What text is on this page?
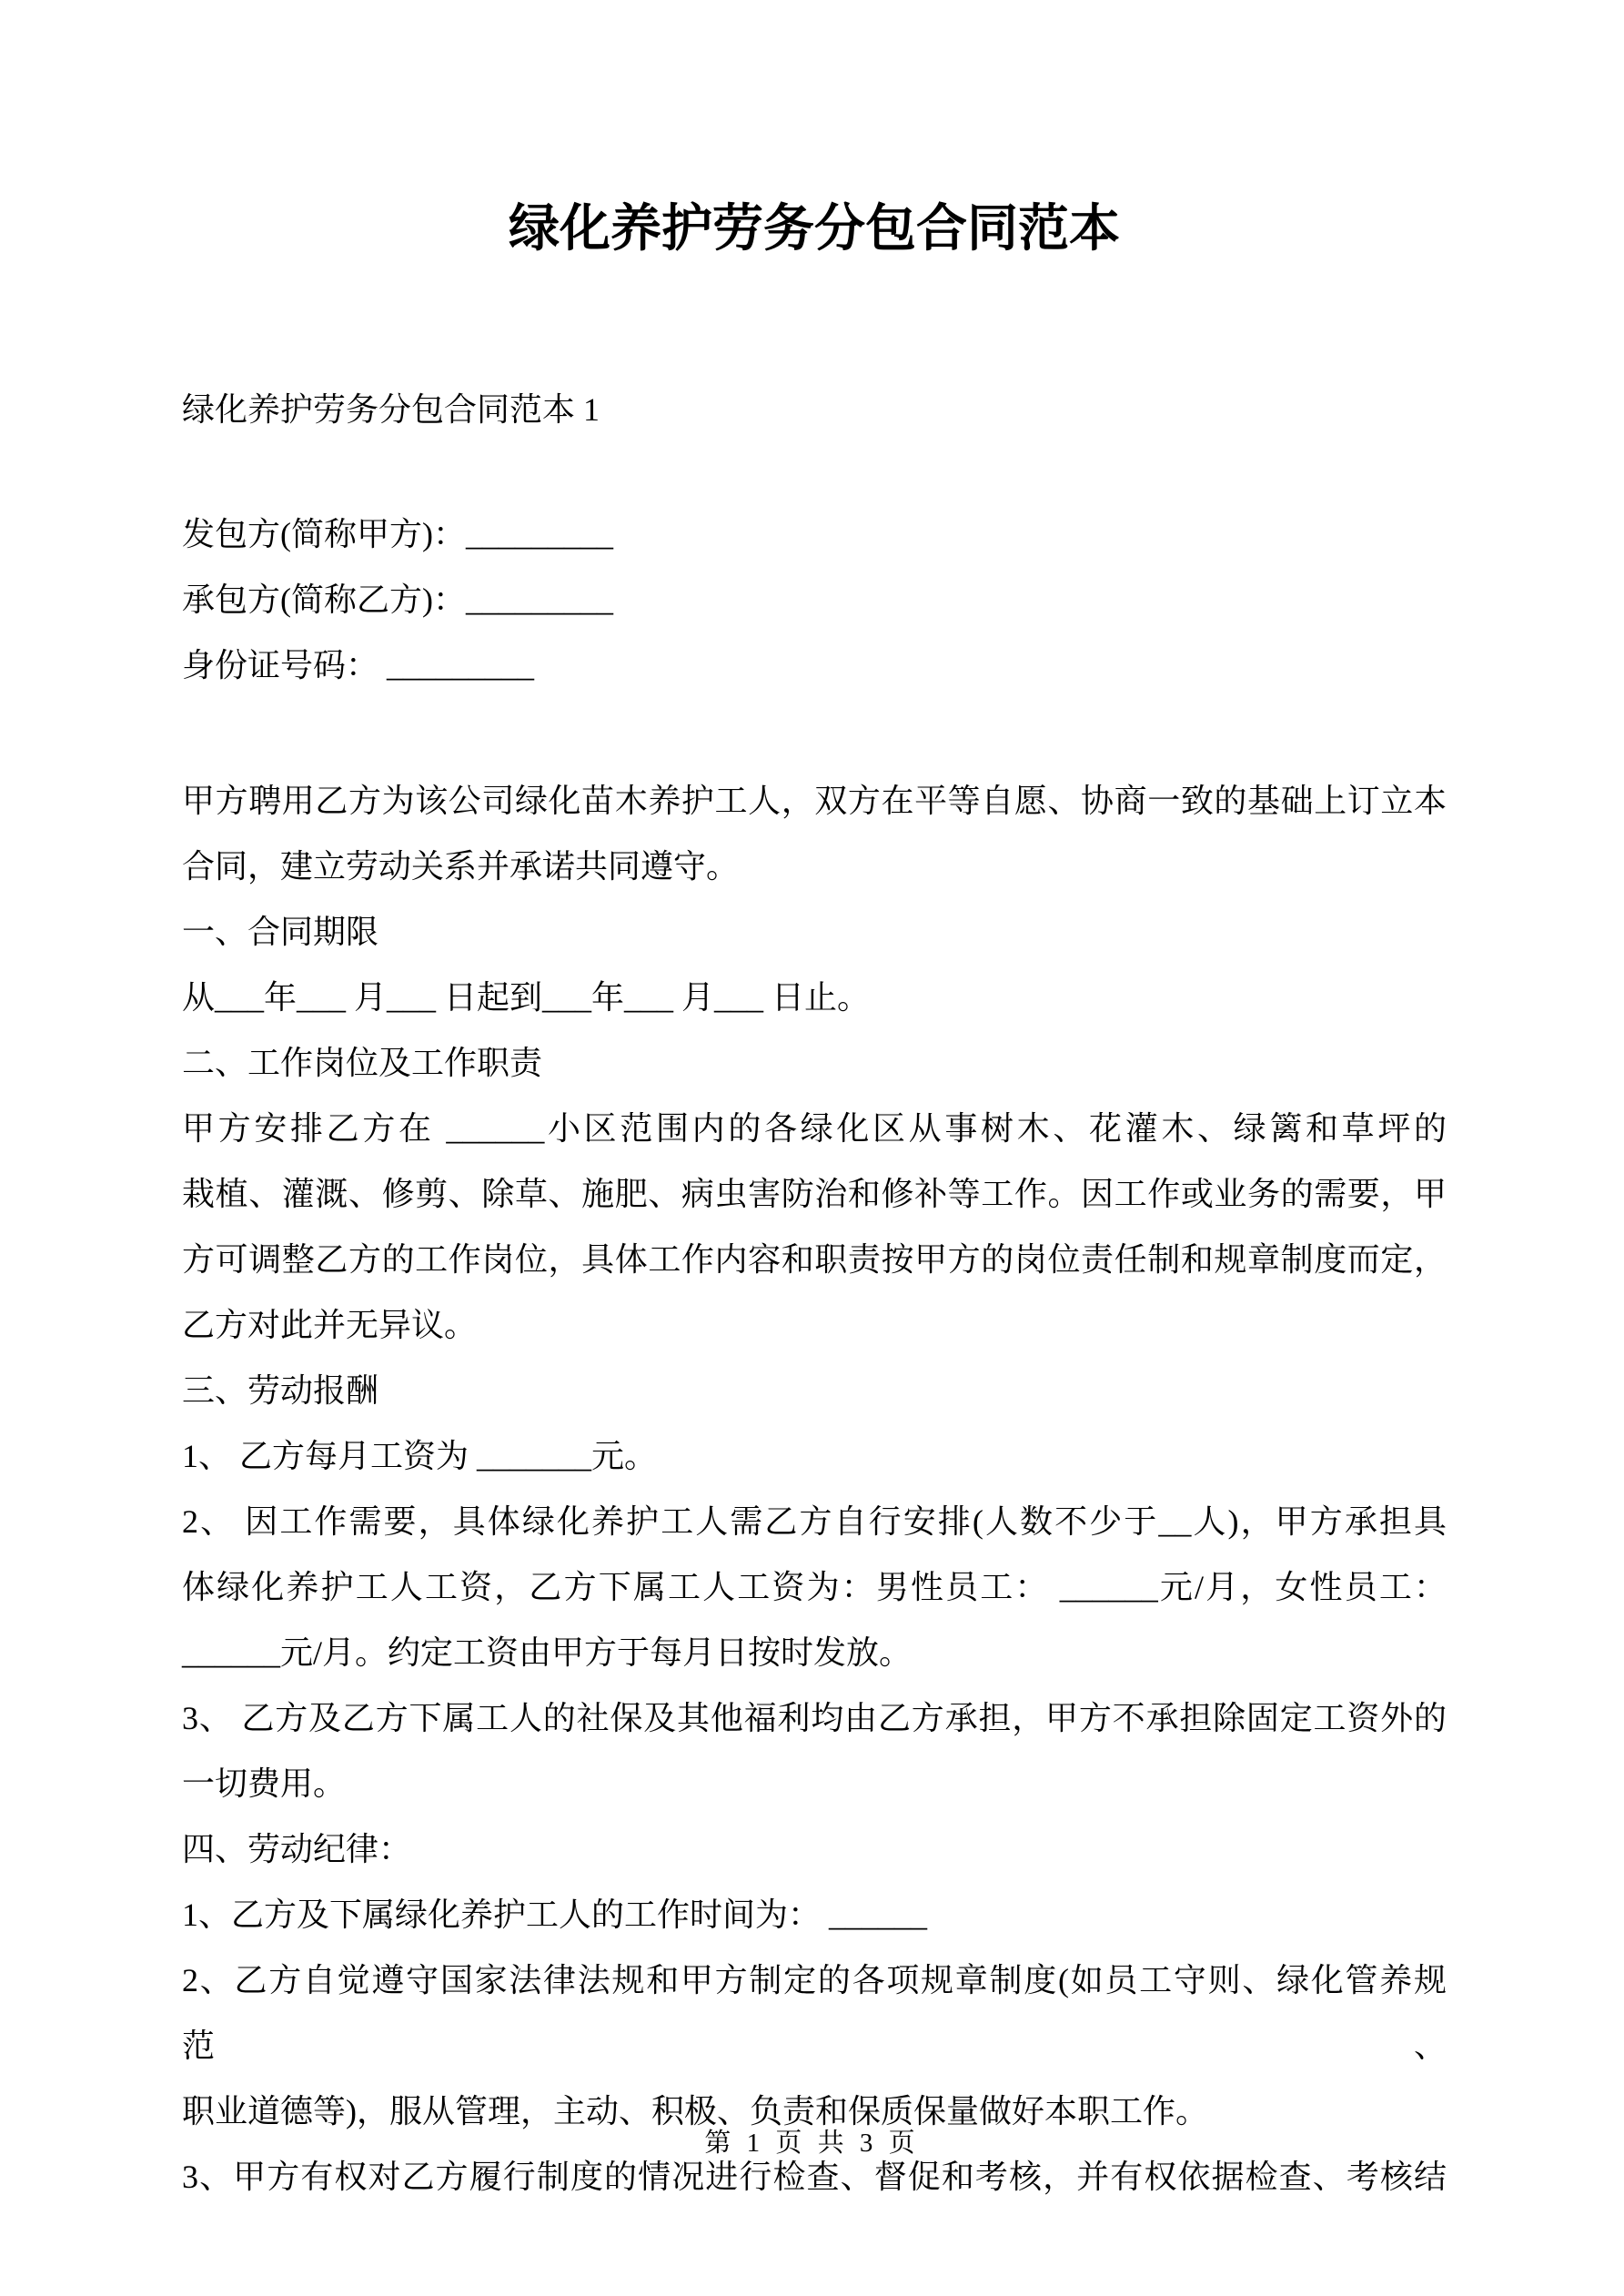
绿化养护劳务分包合同范本
绿化养护劳务分包合同范本 1
发包方(简称甲方)：_________
承包方(简称乙方)：_________
身份证号码： _________
甲方聘用乙方为该公司绿化苗木养护工人，双方在平等自愿、协商一致的基础上订立本
合同，建立劳动关系并承诺共同遵守。
一、合同期限
从___年___ 月___ 日起到___年___ 月___ 日止。
二、工作岗位及工作职责
甲方安排乙方在 ______小区范围内的各绿化区从事树木、花灌木、绿篱和草坪的
栽植、灌溉、修剪、除草、施肥、病虫害防治和修补等工作。因工作或业务的需要，甲
方可调整乙方的工作岗位，具体工作内容和职责按甲方的岗位责任制和规章制度而定，
乙方对此并无异议。
三、劳动报酬
1、 乙方每月工资为 _______元。
2、 因工作需要，具体绿化养护工人需乙方自行安排(人数不少于__人)，甲方承担具
体绿化养护工人工资，乙方下属工人工资为：男性员工： ______元/月，女性员工：
______元/月。约定工资由甲方于每月日按时发放。
3、 乙方及乙方下属工人的社保及其他福利均由乙方承担，甲方不承担除固定工资外的
一切费用。
四、劳动纪律：
1、乙方及下属绿化养护工人的工作时间为： ______
2、乙方自觉遵守国家法律法规和甲方制定的各项规章制度(如员工守则、绿化管养规范、
职业道德等)，服从管理，主动、积极、负责和保质保量做好本职工作。
3、甲方有权对乙方履行制度的情况进行检查、督促和考核，并有权依据检查、考核结
第 1 页 共 3 页
